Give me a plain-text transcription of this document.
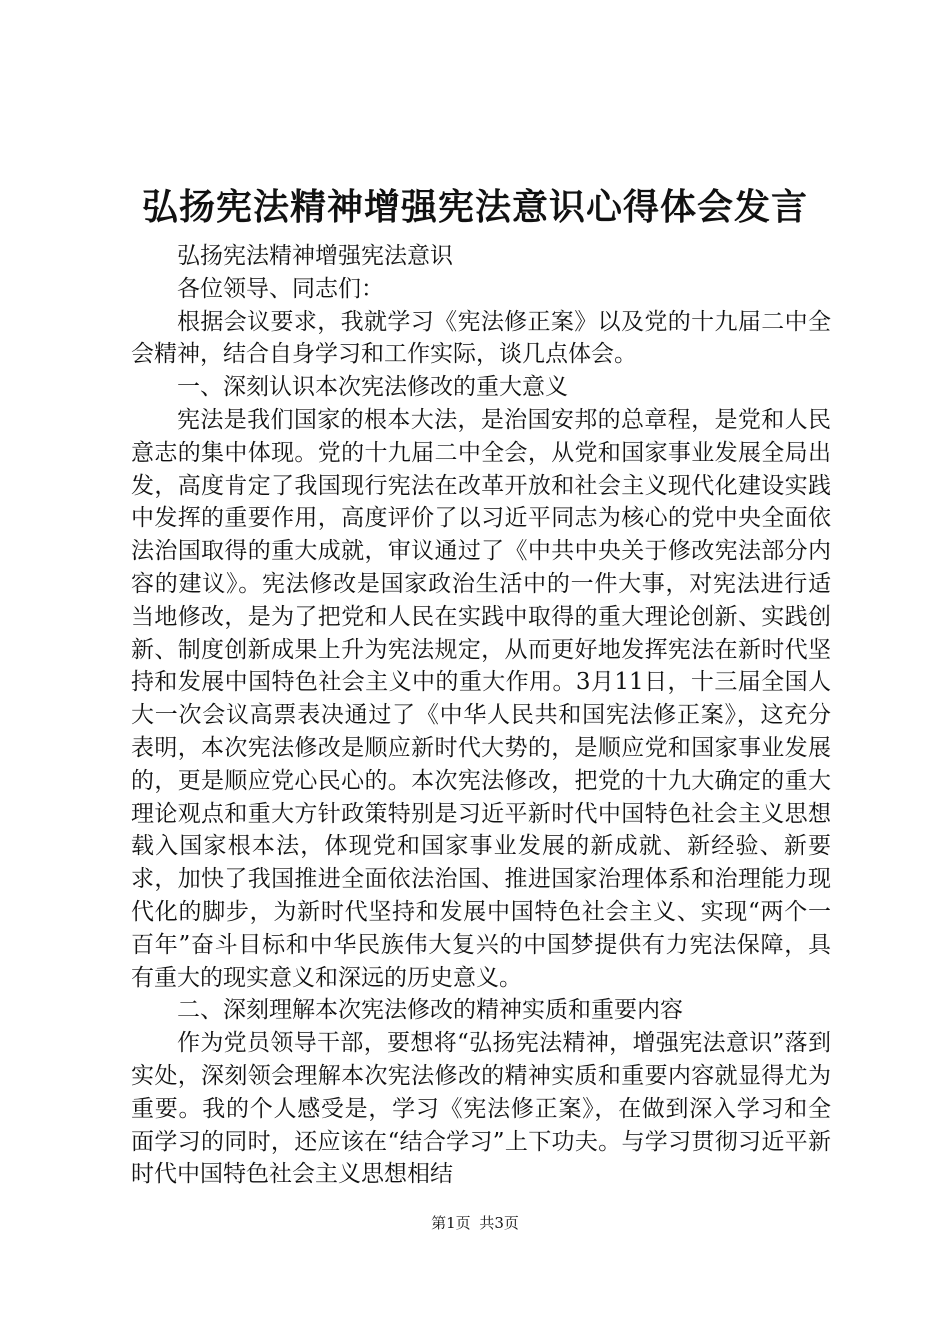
弘扬宪法精神增强宪法意识心得体会发言

弘扬宪法精神增强宪法意识

各位领导、同志们：

根据会议要求，我就学习《宪法修正案》以及党的十九届二中全会精神，结合自身学习和工作实际，谈几点体会。

一、深刻认识本次宪法修改的重大意义

宪法是我们国家的根本大法，是治国安邦的总章程，是党和人民意志的集中体现。党的十九届二中全会，从党和国家事业发展全局出发，高度肯定了我国现行宪法在改革开放和社会主义现代化建设实践中发挥的重要作用，高度评价了以习近平同志为核心的党中央全面依法治国取得的重大成就，审议通过了《中共中央关于修改宪法部分内容的建议》。宪法修改是国家政治生活中的一件大事，对宪法进行适当地修改，是为了把党和人民在实践中取得的重大理论创新、实践创新、制度创新成果上升为宪法规定，从而更好地发挥宪法在新时代坚持和发展中国特色社会主义中的重大作用。3月11日，十三届全国人大一次会议高票表决通过了《中华人民共和国宪法修正案》，这充分表明，本次宪法修改是顺应新时代大势的，是顺应党和国家事业发展的，更是顺应党心民心的。本次宪法修改，把党的十九大确定的重大理论观点和重大方针政策特别是习近平新时代中国特色社会主义思想载入国家根本法，体现党和国家事业发展的新成就、新经验、新要求，加快了我国推进全面依法治国、推进国家治理体系和治理能力现代化的脚步，为新时代坚持和发展中国特色社会主义、实现“两个一百年”奋斗目标和中华民族伟大复兴的中国梦提供有力宪法保障，具有重大的现实意义和深远的历史意义。

二、深刻理解本次宪法修改的精神实质和重要内容

作为党员领导干部，要想将“弘扬宪法精神，增强宪法意识”落到实处，深刻领会理解本次宪法修改的精神实质和重要内容就显得尤为重要。我的个人感受是，学习《宪法修正案》，在做到深入学习和全面学习的同时，还应该在“结合学习”上下功夫。与学习贯彻习近平新时代中国特色社会主义思想相结

第1页 共3页
